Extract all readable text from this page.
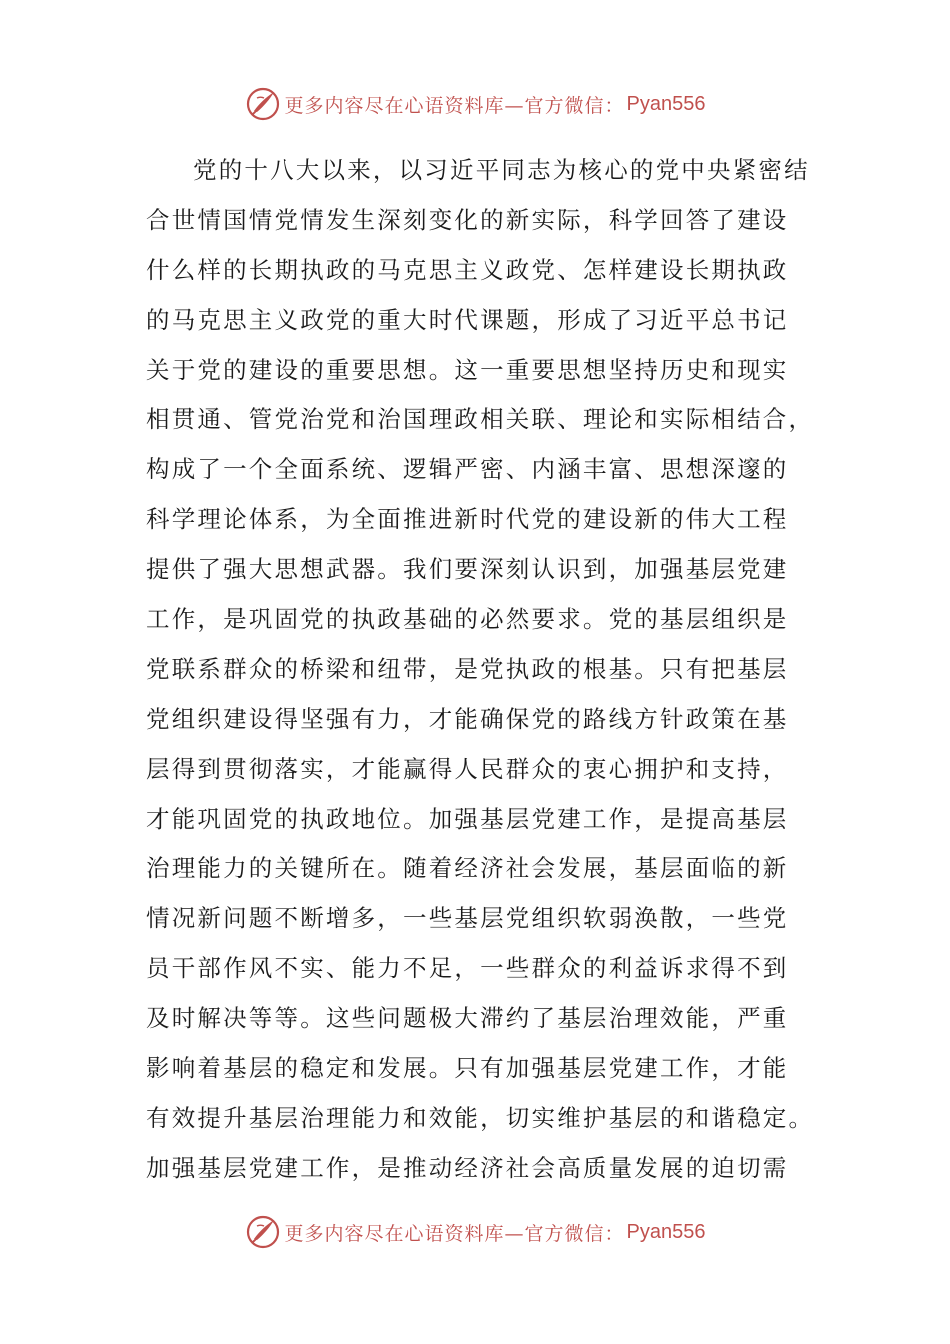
更多内容尽在心语资料库—官方微信： Pyan556
党的十八大以来，以习近平同志为核心的党中央紧密结
合世情国情党情发生深刻变化的新实际，科学回答了建设
什么样的长期执政的马克思主义政党、怎样建设长期执政
的马克思主义政党的重大时代课题，形成了习近平总书记
关于党的建设的重要思想。这一重要思想坚持历史和现实
相贯通、管党治党和治国理政相关联、理论和实际相结合，
构成了一个全面系统、逻辑严密、内涵丰富、思想深邃的
科学理论体系，为全面推进新时代党的建设新的伟大工程
提供了强大思想武器。我们要深刻认识到，加强基层党建
工作，是巩固党的执政基础的必然要求。党的基层组织是
党联系群众的桥梁和纽带，是党执政的根基。只有把基层
党组织建设得坚强有力，才能确保党的路线方针政策在基
层得到贯彻落实，才能赢得人民群众的衷心拥护和支持，
才能巩固党的执政地位。加强基层党建工作，是提高基层
治理能力的关键所在。随着经济社会发展，基层面临的新
情况新问题不断增多，一些基层党组织软弱涣散，一些党
员干部作风不实、能力不足，一些群众的利益诉求得不到
及时解决等等。这些问题极大滞约了基层治理效能，严重
影响着基层的稳定和发展。只有加强基层党建工作，才能
有效提升基层治理能力和效能，切实维护基层的和谐稳定。
加强基层党建工作，是推动经济社会高质量发展的迫切需
更多内容尽在心语资料库—官方微信： Pyan556
